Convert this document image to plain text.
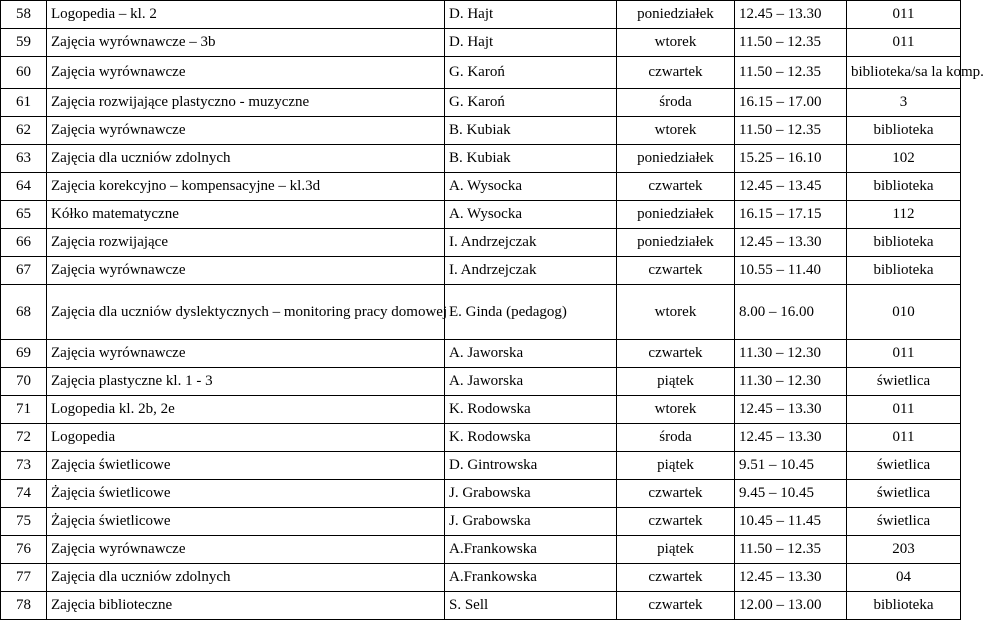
58	Logopedia – kl. 2	D. Hajt	poniedziałek	12.45 – 13.30	011
59	Zajęcia wyrównawcze – 3b	D. Hajt	wtorek	11.50 – 12.35	011
60	Zajęcia wyrównawcze	G. Karoń	czwartek	11.50 – 12.35	biblioteka/sa la komp.
61	Zajęcia rozwijające plastyczno - muzyczne	G. Karoń	środa	16.15 – 17.00	3
62	Zajęcia wyrównawcze	B. Kubiak	wtorek	11.50 – 12.35	biblioteka
63	Zajęcia dla uczniów zdolnych	B. Kubiak	poniedziałek	15.25 – 16.10	102
64	Zajęcia korekcyjno – kompensacyjne – kl.3d	A. Wysocka	czwartek	12.45 – 13.45	biblioteka
65	Kółko matematyczne	A. Wysocka	poniedziałek	16.15 – 17.15	112
66	Zajęcia rozwijające	I. Andrzejczak	poniedziałek	12.45 – 13.30	biblioteka
67	Zajęcia wyrównawcze	I. Andrzejczak	czwartek	10.55 – 11.40	biblioteka
68	Zajęcia dla uczniów dyslektycznych – monitoring pracy domowej	E. Ginda (pedagog)	wtorek	8.00 – 16.00	010
69	Zajęcia wyrównawcze	A. Jaworska	czwartek	11.30 – 12.30	011
70	Zajęcia plastyczne kl. 1 - 3	A. Jaworska	piątek	11.30 – 12.30	świetlica
71	Logopedia kl. 2b, 2e	K. Rodowska	wtorek	12.45 – 13.30	011
72	Logopedia	K. Rodowska	środa	12.45 – 13.30	011
73	Zajęcia świetlicowe	D. Gintrowska	piątek	9.51 – 10.45	świetlica
74	Żajęcia świetlicowe	J. Grabowska	czwartek	9.45 – 10.45	świetlica
75	Żajęcia świetlicowe	J. Grabowska	czwartek	10.45 – 11.45	świetlica
76	Zajęcia wyrównawcze	A.Frankowska	piątek	11.50 – 12.35	203
77	Zajęcia dla uczniów zdolnych	A.Frankowska	czwartek	12.45 – 13.30	04
78	Zajęcia biblioteczne	S. Sell	czwartek	12.00 – 13.00	biblioteka
